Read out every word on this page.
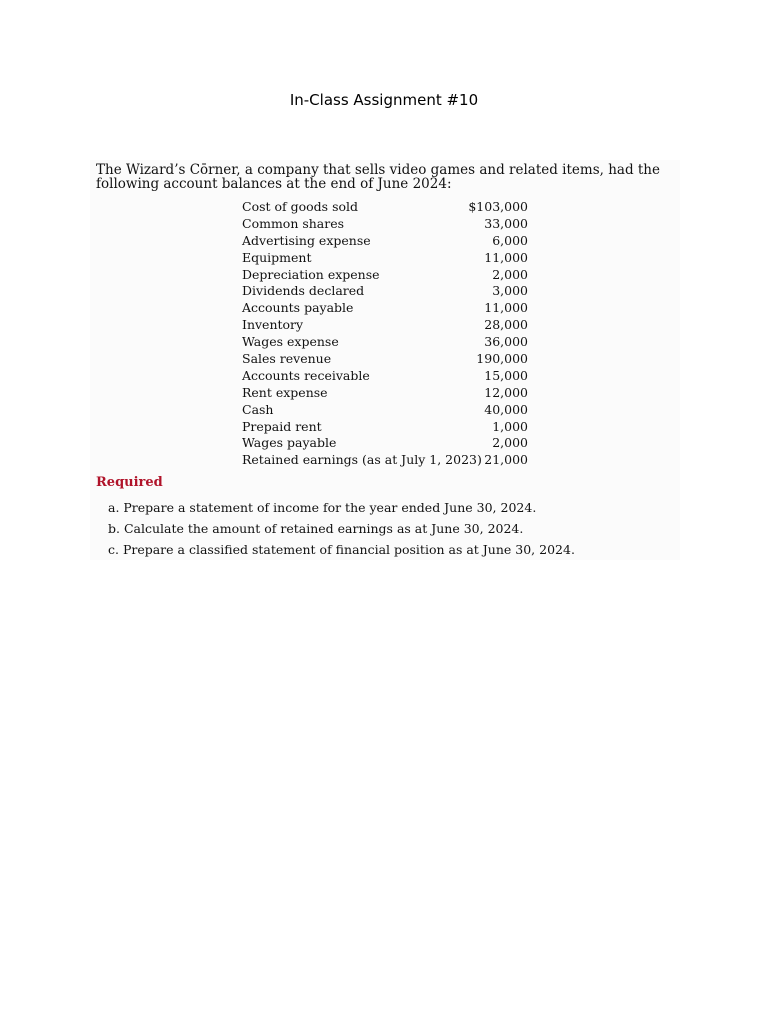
In-Class Assignment #10
The Wizard’s Cōrner, a company that sells video games and related items, had the following account balances at the end of June 2024:
Cost of goods sold	$103,000
Common shares	33,000
Advertising expense	6,000
Equipment	11,000
Depreciation expense	2,000
Dividends declared	3,000
Accounts payable	11,000
Inventory	28,000
Wages expense	36,000
Sales revenue	190,000
Accounts receivable	15,000
Rent expense	12,000
Cash	40,000
Prepaid rent	1,000
Wages payable	2,000
Retained earnings (as at July 1, 2023) 21,000
Required
a. Prepare a statement of income for the year ended June 30, 2024.
b. Calculate the amount of retained earnings as at June 30, 2024.
c. Prepare a classified statement of financial position as at June 30, 2024.
